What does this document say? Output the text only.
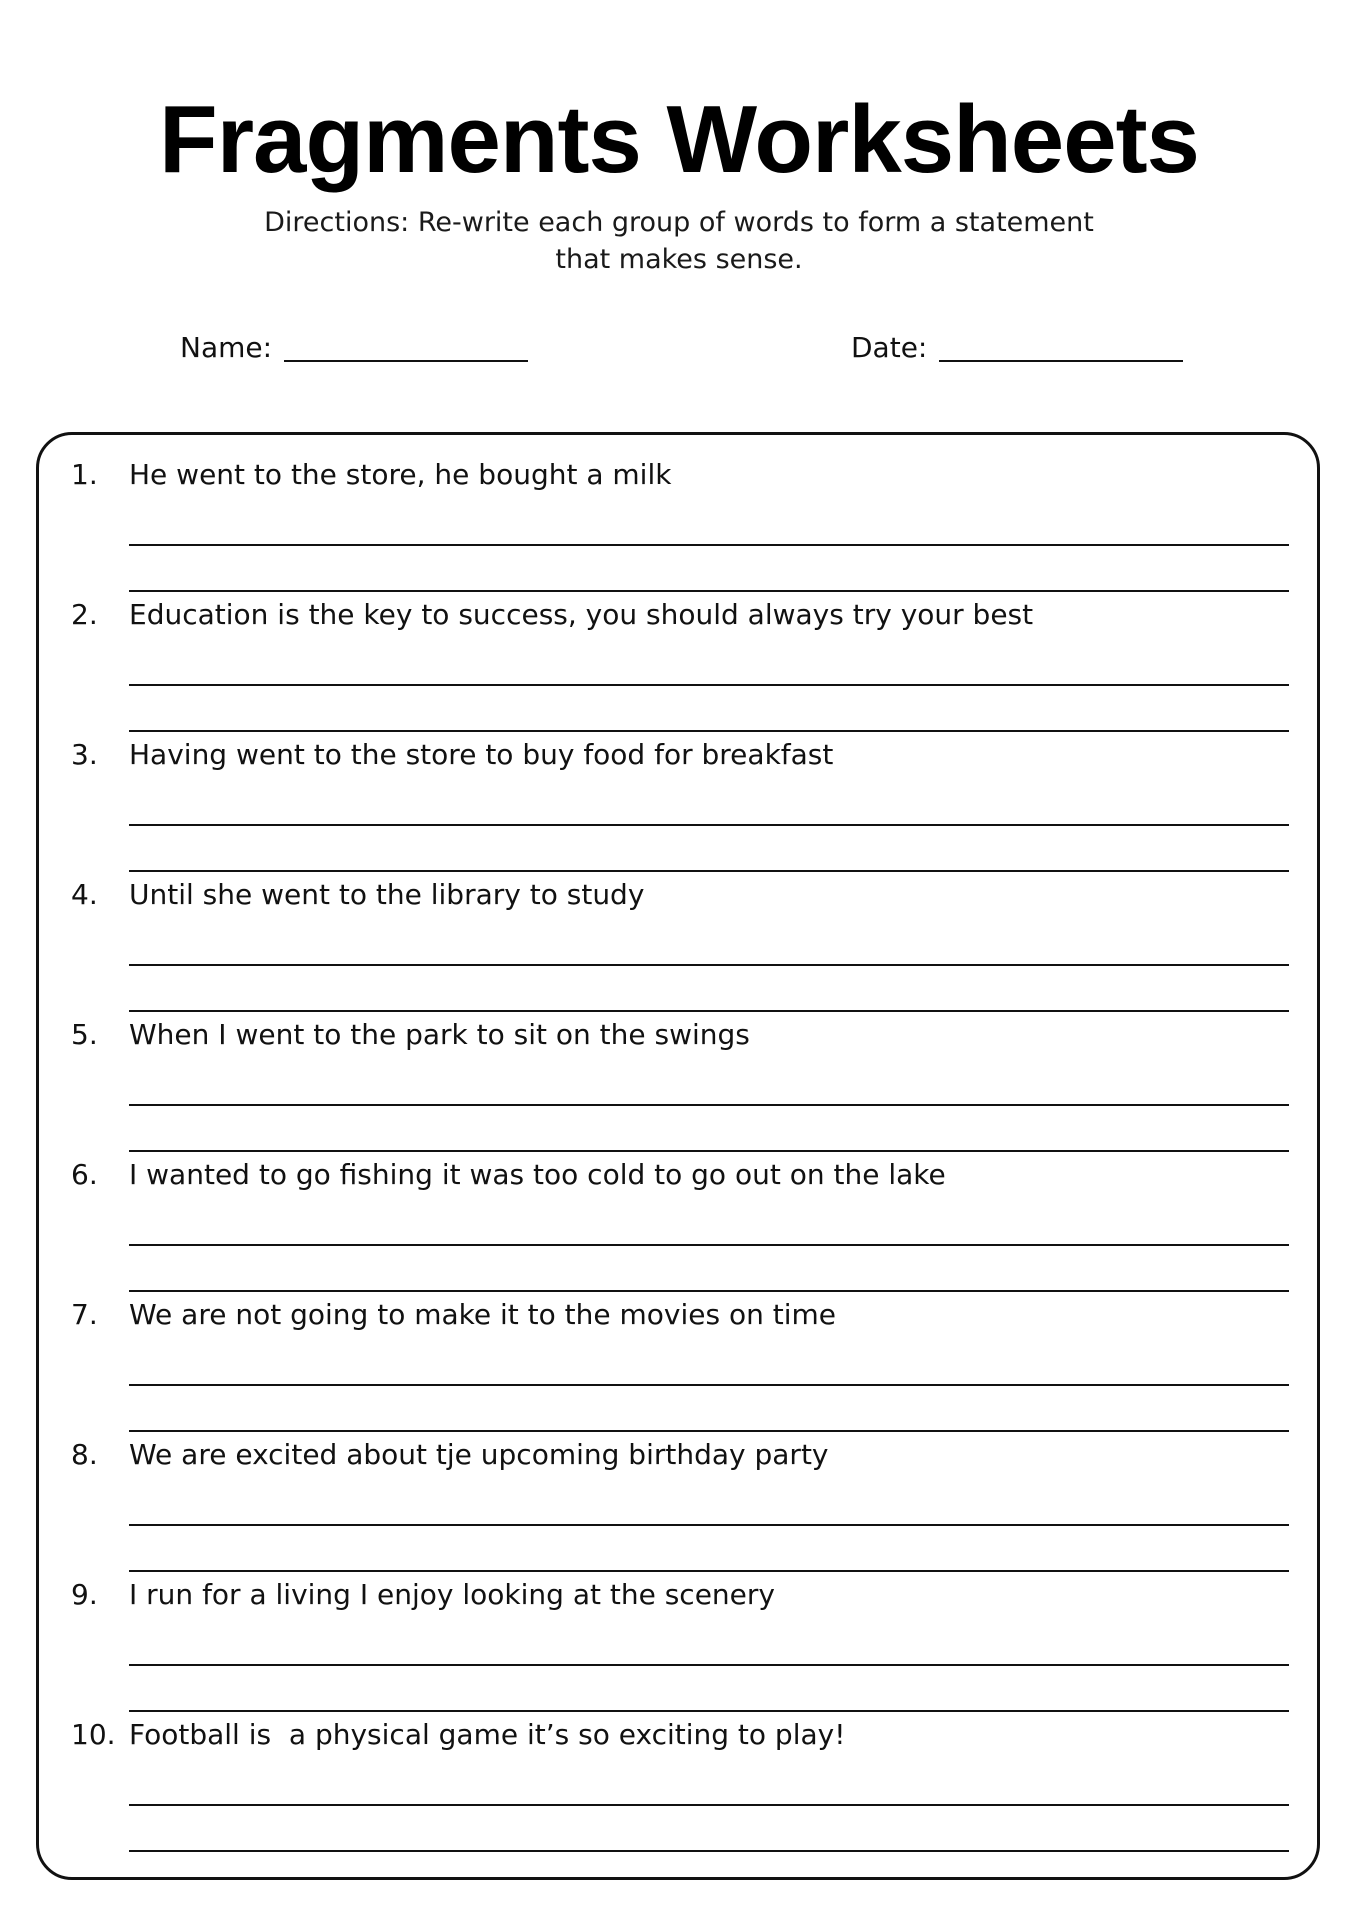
Fragments Worksheets
Directions: Re-write each group of words to form a statement
that makes sense.
Name:	Date:
1. He went to the store, he bought a milk
2. Education is the key to success, you should always try your best
3. Having went to the store to buy food for breakfast
4. Until she went to the library to study
5. When I went to the park to sit on the swings
6. I wanted to go fishing it was too cold to go out on the lake
7. We are not going to make it to the movies on time
8. We are excited about tje upcoming birthday party
9. I run for a living I enjoy looking at the scenery
10. Football is  a physical game it’s so exciting to play!
